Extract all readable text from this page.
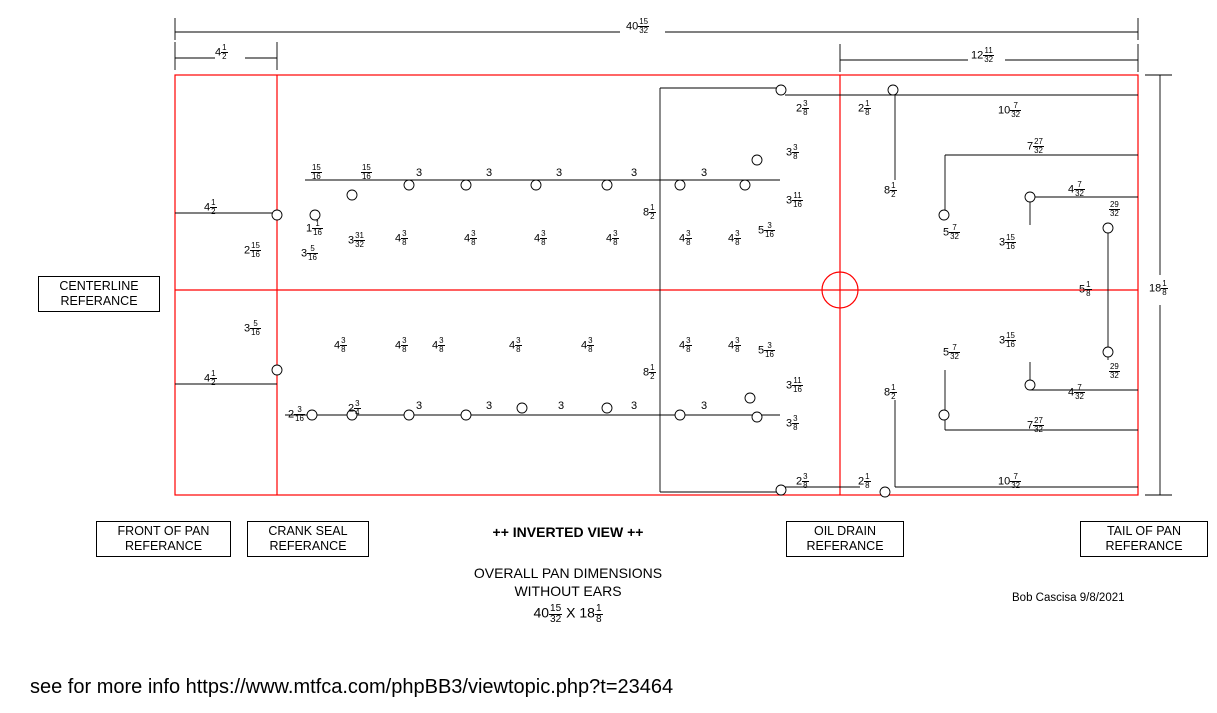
CENTERLINE
REFERANCE
FRONT OF PAN
REFERANCE
CRANK SEAL
REFERANCE
OIL DRAIN
REFERANCE
TAIL OF PAN
REFERANCE
++ INVERTED VIEW ++
OVERALL PAN DIMENSIONS
WITHOUT EARS
$40 \frac{15}{32}$ X $18 \frac{1}{8}$
Bob Cascisa 9/8/2021
see for more info https://www.mtfca.com/phpBB3/viewtopic.php?t=23464
$40 \frac{15}{32}$
$4 \frac{1}{2}$	$12 \frac{11}{32}$
$4 \frac{1}{2}$
$4 \frac{1}{2}$
$2 \frac{15}{16}$
$3 \frac{5}{16}$
$1 \frac{1}{16}$
$\frac{15}{16}$	$\frac{15}{16}$	3	3	3	3	3
$3 \frac{5}{16}$
$3 \frac{31}{32}$	$4 \frac{3}{8}$	$4 \frac{3}{8}$	$4 \frac{3}{8}$	$4 \frac{3}{8}$	$4 \frac{3}{8}$	$4 \frac{3}{8}$
$8 \frac{1}{2}$
$8 \frac{1}{2}$
$5 \frac{3}{16}$
$5 \frac{3}{16}$
$3 \frac{11}{16}$
$3 \frac{11}{16}$
$3 \frac{3}{8}$
$3 \frac{3}{8}$
$2 \frac{3}{8}$
$2 \frac{3}{8}$
$2 \frac{1}{8}$
$2 \frac{1}{8}$
$10 \frac{7}{32}$
$10 \frac{7}{32}$
$8 \frac{1}{2}$
$8 \frac{1}{2}$
$7 \frac{27}{32}$
$7 \frac{27}{32}$
$5 \frac{7}{32}$
$5 \frac{7}{32}$
$3 \frac{15}{16}$
$3 \frac{15}{16}$
$4 \frac{7}{32}$
$4 \frac{7}{32}$
$\frac{29}{32}$
$\frac{29}{32}$
$5 \frac{1}{8}$	$18 \frac{1}{8}$
$4 \frac{3}{8}$	$4 \frac{3}{8} 4 \frac{3}{8}$	$4 \frac{3}{8}$	$4 \frac{3}{8}$	$4 \frac{3}{8}$	$4 \frac{3}{8}$
$2 \frac{3}{16}$	$2 \frac{3}{4}$	3	3	3	3	3
